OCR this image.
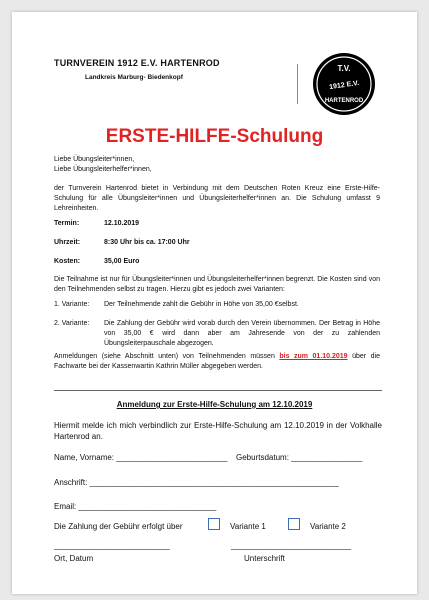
TURNVEREIN 1912 E.V. HARTENROD
Landkreis Marburg- Biedenkopf
T.V.
1912 E.V.
HARTENROD
ERSTE-HILFE-Schulung
Liebe Übungsleiter*innen,
Liebe Übungsleiterhelfer*innen,
der Turnverein Hartenrod bietet in Verbindung mit dem Deutschen Roten Kreuz eine Erste-Hilfe-Schulung für alle Übungsleiter*innen und Übungsleiterhelfer*innen an. Die Schulung umfasst 9 Lehreinheiten.
Termin:	12.10.2019
Uhrzeit:	8:30 Uhr bis ca. 17:00 Uhr
Kosten:	35,00 Euro
Die Teilnahme ist nur für Übungsleiter*innen und Übungsleiterhelfer*innen begrenzt. Die Kosten sind von den Teilnehmenden selbst zu tragen. Hierzu gibt es jedoch zwei Varianten:
1. Variante: Der Teilnehmende zahlt die Gebühr in Höhe von 35,00 €selbst.
2. Variante: Die Zahlung der Gebühr wird vorab durch den Verein übernommen. Der Betrag in Höhe von 35,00 € wird dann aber am Jahresende von der zu zahlenden Übungsleiterpauschale abgezogen.
Anmeldungen (siehe Abschnitt unten) von Teilnehmenden müssen bis zum 01.10.2019 über die Fachwarte bei der Kassenwartin Kathrin Müller abgegeben werden.
Anmeldung zur Erste-Hilfe-Schulung am 12.10.2019
Hiermit melde ich mich verbindlich zur Erste-Hilfe-Schulung am 12.10.2019 in der Volkhalle Hartenrod an.
Name, Vorname: _________________________ Geburtsdatum: ________________
Anschrift: ________________________________________________________
Email: _______________________________
Die Zahlung der Gebühr erfolgt über	Variante 1	Variante 2
__________________________	___________________________
Ort, Datum	Unterschrift
